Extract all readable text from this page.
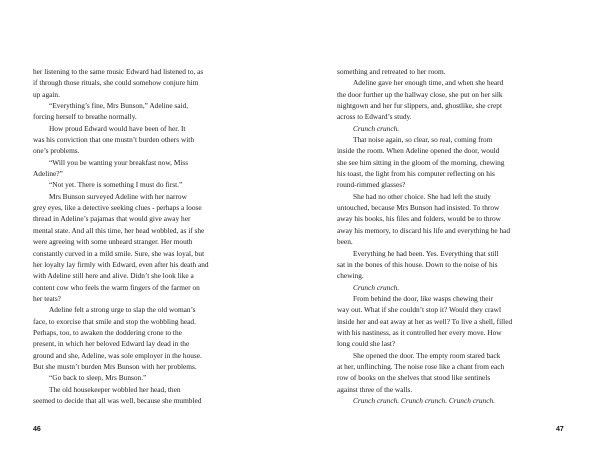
her listening to the same music Edward had listened to, as

if through those rituals, she could somehow conjure him

up again.

“Everything’s fine, Mrs Bunson,” Adeline said,

forcing herself to breathe normally.

How proud Edward would have been of her. It

was his conviction that one mustn’t burden others with

one’s problems.

“Will you be wanting your breakfast now, Miss

Adeline?”

“Not yet. There is something I must do first.”

Mrs Bunson surveyed Adeline with her narrow

grey eyes, like a detective seeking clues - perhaps a loose

thread in Adeline’s pajamas that would give away her

mental state. And all this time, her head wobbled, as if she

were agreeing with some unheard stranger. Her mouth

constantly curved in a mild smile. Sure, she was loyal, but

her loyalty lay firmly with Edward, even after his death and

with Adeline still here and alive. Didn’t she look like a

content cow who feels the warm fingers of the farmer on

her teats?

Adeline felt a strong urge to slap the old woman’s

face, to exorcise that smile and stop the wobbling head.

Perhaps, too, to awaken the doddering crone to the

present, in which her beloved Edward lay dead in the

ground and she, Adeline, was sole employer in the house.

But she mustn’t burden Mrs Bunson with her problems.

“Go back to sleep, Mrs Bunson.”

The old housekeeper wobbled her head, then

seemed to decide that all was well, because she mumbled

46

something and retreated to her room.

Adeline gave her enough time, and when she heard

the door further up the hallway close, she put on her silk

nightgown and her fur slippers, and, ghostlike, she crept

across to Edward’s study.

Crunch crunch.

That noise again, so clear, so real, coming from

inside the room. When Adeline opened the door, would

she see him sitting in the gloom of the morning, chewing

his toast, the light from his computer reflecting on his

round-rimmed glasses?

She had no other choice. She had left the study

untouched, because Mrs Bunson had insisted. To throw

away his books, his files and folders, would be to throw

away his memory, to discard his life and everything he had

been.

Everything he had been. Yes. Everything that still

sat in the bones of this house. Down to the noise of his

chewing.

Crunch crunch.

From behind the door, like wasps chewing their

way out. What if she couldn’t stop it? Would they crawl

inside her and eat away at her as well? To live a shell, filled

with his nastiness, as it controlled her every move. How

long could she last?

She opened the door. The empty room stared back

at her, unflinching. The noise rose like a chant from each

row of books on the shelves that stood like sentinels

against three of the walls.

Crunch crunch. Crunch crunch. Crunch crunch.

47
